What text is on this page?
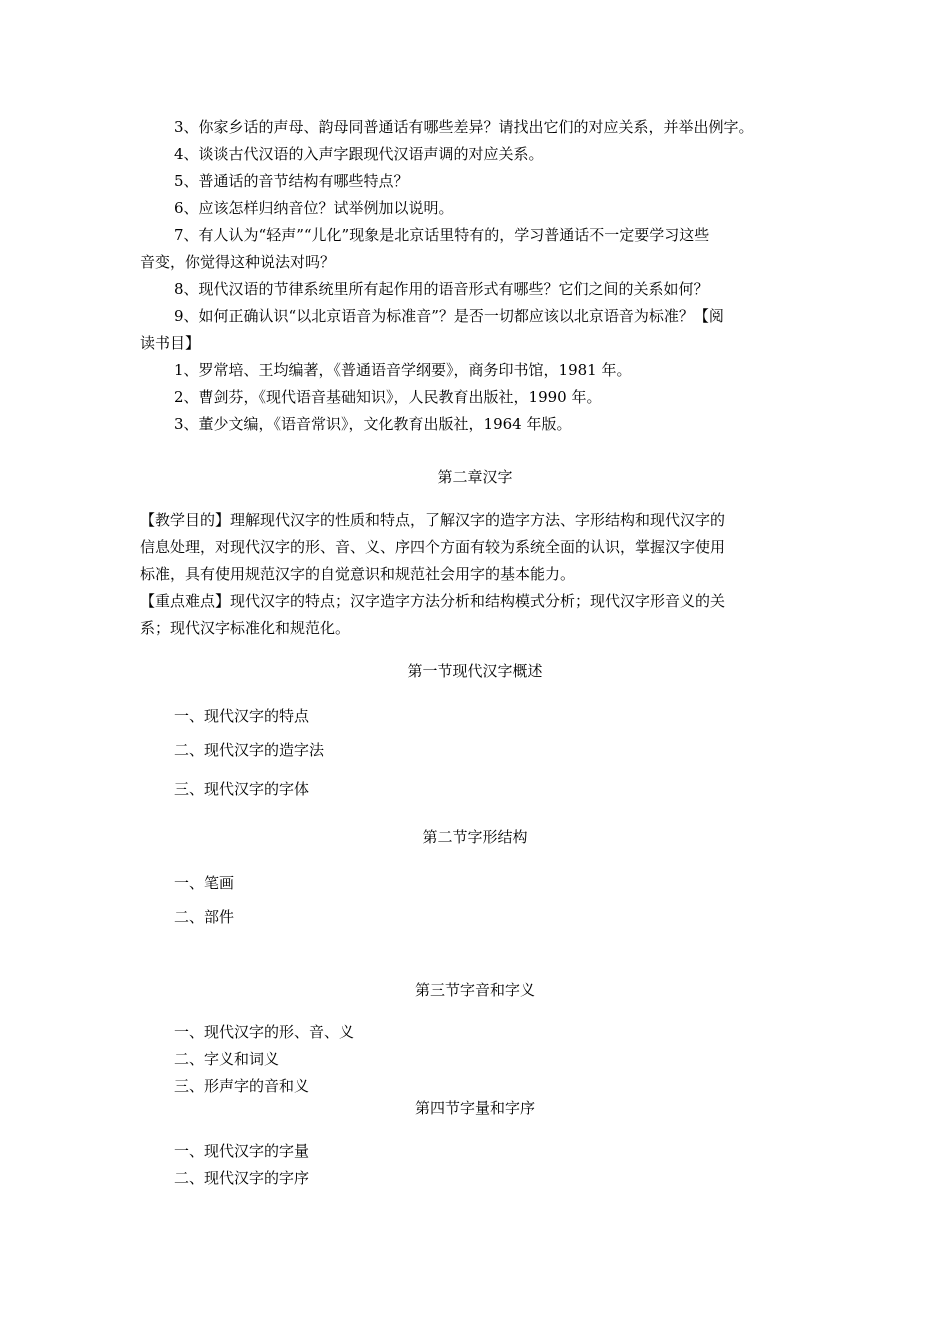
3、你家乡话的声母、韵母同普通话有哪些差异？请找出它们的对应关系，并举出例字。
4、谈谈古代汉语的入声字跟现代汉语声调的对应关系。
5、普通话的音节结构有哪些特点？
6、应该怎样归纳音位？试举例加以说明。
7、有人认为“轻声”“儿化”现象是北京话里特有的，学习普通话不一定要学习这些
音变，你觉得这种说法对吗？
8、现代汉语的节律系统里所有起作用的语音形式有哪些？它们之间的关系如何？
9、如何正确认识“以北京语音为标准音”？是否一切都应该以北京语音为标准？【阅
读书目】
1、罗常培、王均编著，《普通语音学纲要》，商务印书馆，1981 年。
2、曹剑芬，《现代语音基础知识》，人民教育出版社，1990 年。
3、董少文编，《语音常识》，文化教育出版社，1964 年版。
第二章汉字
【教学目的】理解现代汉字的性质和特点，了解汉字的造字方法、字形结构和现代汉字的
信息处理，对现代汉字的形、音、义、序四个方面有较为系统全面的认识，掌握汉字使用
标准，具有使用规范汉字的自觉意识和规范社会用字的基本能力。
【重点难点】现代汉字的特点；汉字造字方法分析和结构模式分析；现代汉字形音义的关
系；现代汉字标准化和规范化。
第一节现代汉字概述
一、现代汉字的特点
二、现代汉字的造字法
三、现代汉字的字体
第二节字形结构
一、笔画
二、部件
第三节字音和字义
一、现代汉字的形、音、义
二、字义和词义
三、形声字的音和义
第四节字量和字序
一、现代汉字的字量
二、现代汉字的字序
